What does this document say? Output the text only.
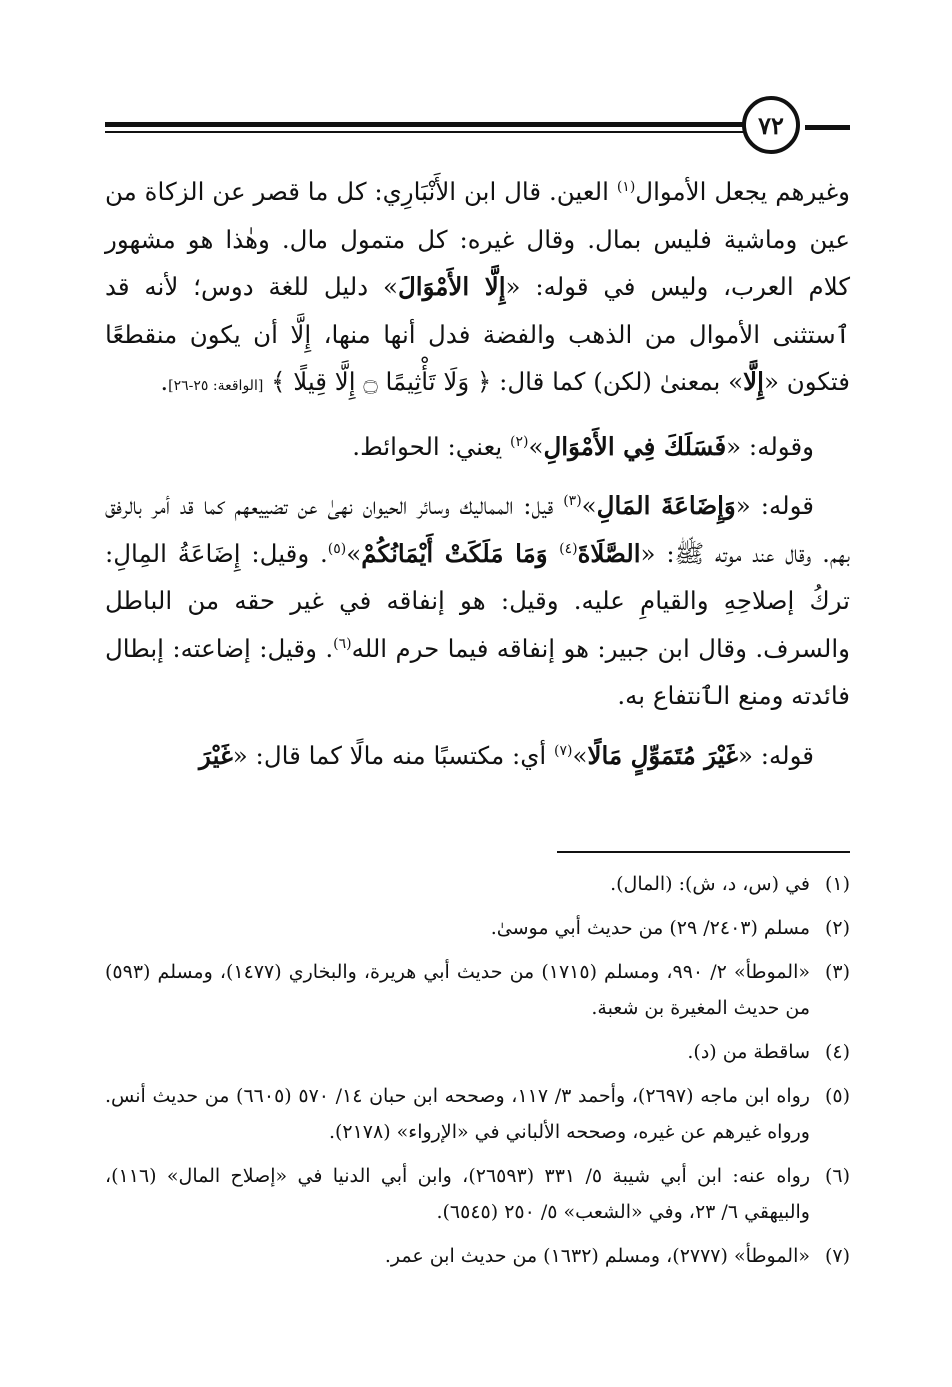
٧٢

وغيرهم يجعل الأموال$^{(١)}$ العين. قال ابن الأَنْبَارِي: كل ما قصر عن الزكاة من عين وماشية فليس بمال. وقال غيره: كل متمول مال. وهٰذا هو مشهور كلام العرب، وليس في قوله: «إِلَّا الأَمْوَالَ» دليل للغة دوس؛ لأنه قد ٱستثنى الأموال من الذهب والفضة فدل أنها منها، إِلَّا أن يكون منقطعًا فتكون «إِلَّا» بمعنىٰ (لكن) كما قال: ﴿ وَلَا تَأْثِيمًا ۝ إِلَّا قِيلًا ﴾ [الواقعة: ٢٥-٢٦].

وقوله: «فَسَلَكَ فِي الأَمْوَالِ»$^{(٢)}$ يعني: الحوائط.

قوله: «وَإِضَاعَةَ المَالِ»$^{(٣)}$ قيل: المماليك وسائر الحيوان نهىٰ عن تضييعهم كما قد أمر بالرفق بهم. وقال عند موته ﷺ: «الصَّلَاةَ$^{(٤)}$ وَمَا مَلَكَتْ أَيْمَانُكُمْ»$^{(٥)}$. وقيل: إِضَاعَةُ المِالِ: تركُ إصلاحِهِ والقيامِ عليه. وقيل: هو إنفاقه في غير حقه من الباطل والسرف. وقال ابن جبير: هو إنفاقه فيما حرم الله$^{(٦)}$. وقيل: إضاعته: إبطال فائدته ومنع الٱنتفاع به.

قوله: «غَيْرَ مُتَمَوِّلٍ مَالًا»$^{(٧)}$ أي: مكتسبًا منه مالًا كما قال: «غَيْرَ

(١)
في (س، د، ش): (المال).
(٢)
مسلم (٢٤٠٣/ ٢٩) من حديث أبي موسىٰ.
(٣)
«الموطأ» ٢/ ٩٩٠، ومسلم (١٧١٥) من حديث أبي هريرة، والبخاري (١٤٧٧)، ومسلم (٥٩٣) من حديث المغيرة بن شعبة.
(٤)
ساقطة من (د).
(٥)
رواه ابن ماجه (٢٦٩٧)، وأحمد ٣/ ١١٧، وصححه ابن حبان ١٤/ ٥٧٠ (٦٦٠٥) من حديث أنس. ورواه غيرهم عن غيره، وصححه الألباني في «الإرواء» (٢١٧٨).
(٦)
رواه عنه: ابن أبي شيبة ٥/ ٣٣١ (٢٦٥٩٣)، وابن أبي الدنيا في «إصلاح المال» (١١٦)، والبيهقي ٦/ ٢٣، وفي «الشعب» ٥/ ٢٥٠ (٦٥٤٥).
(٧)
«الموطأ» (٢٧٧٧)، ومسلم (١٦٣٢) من حديث ابن عمر.
